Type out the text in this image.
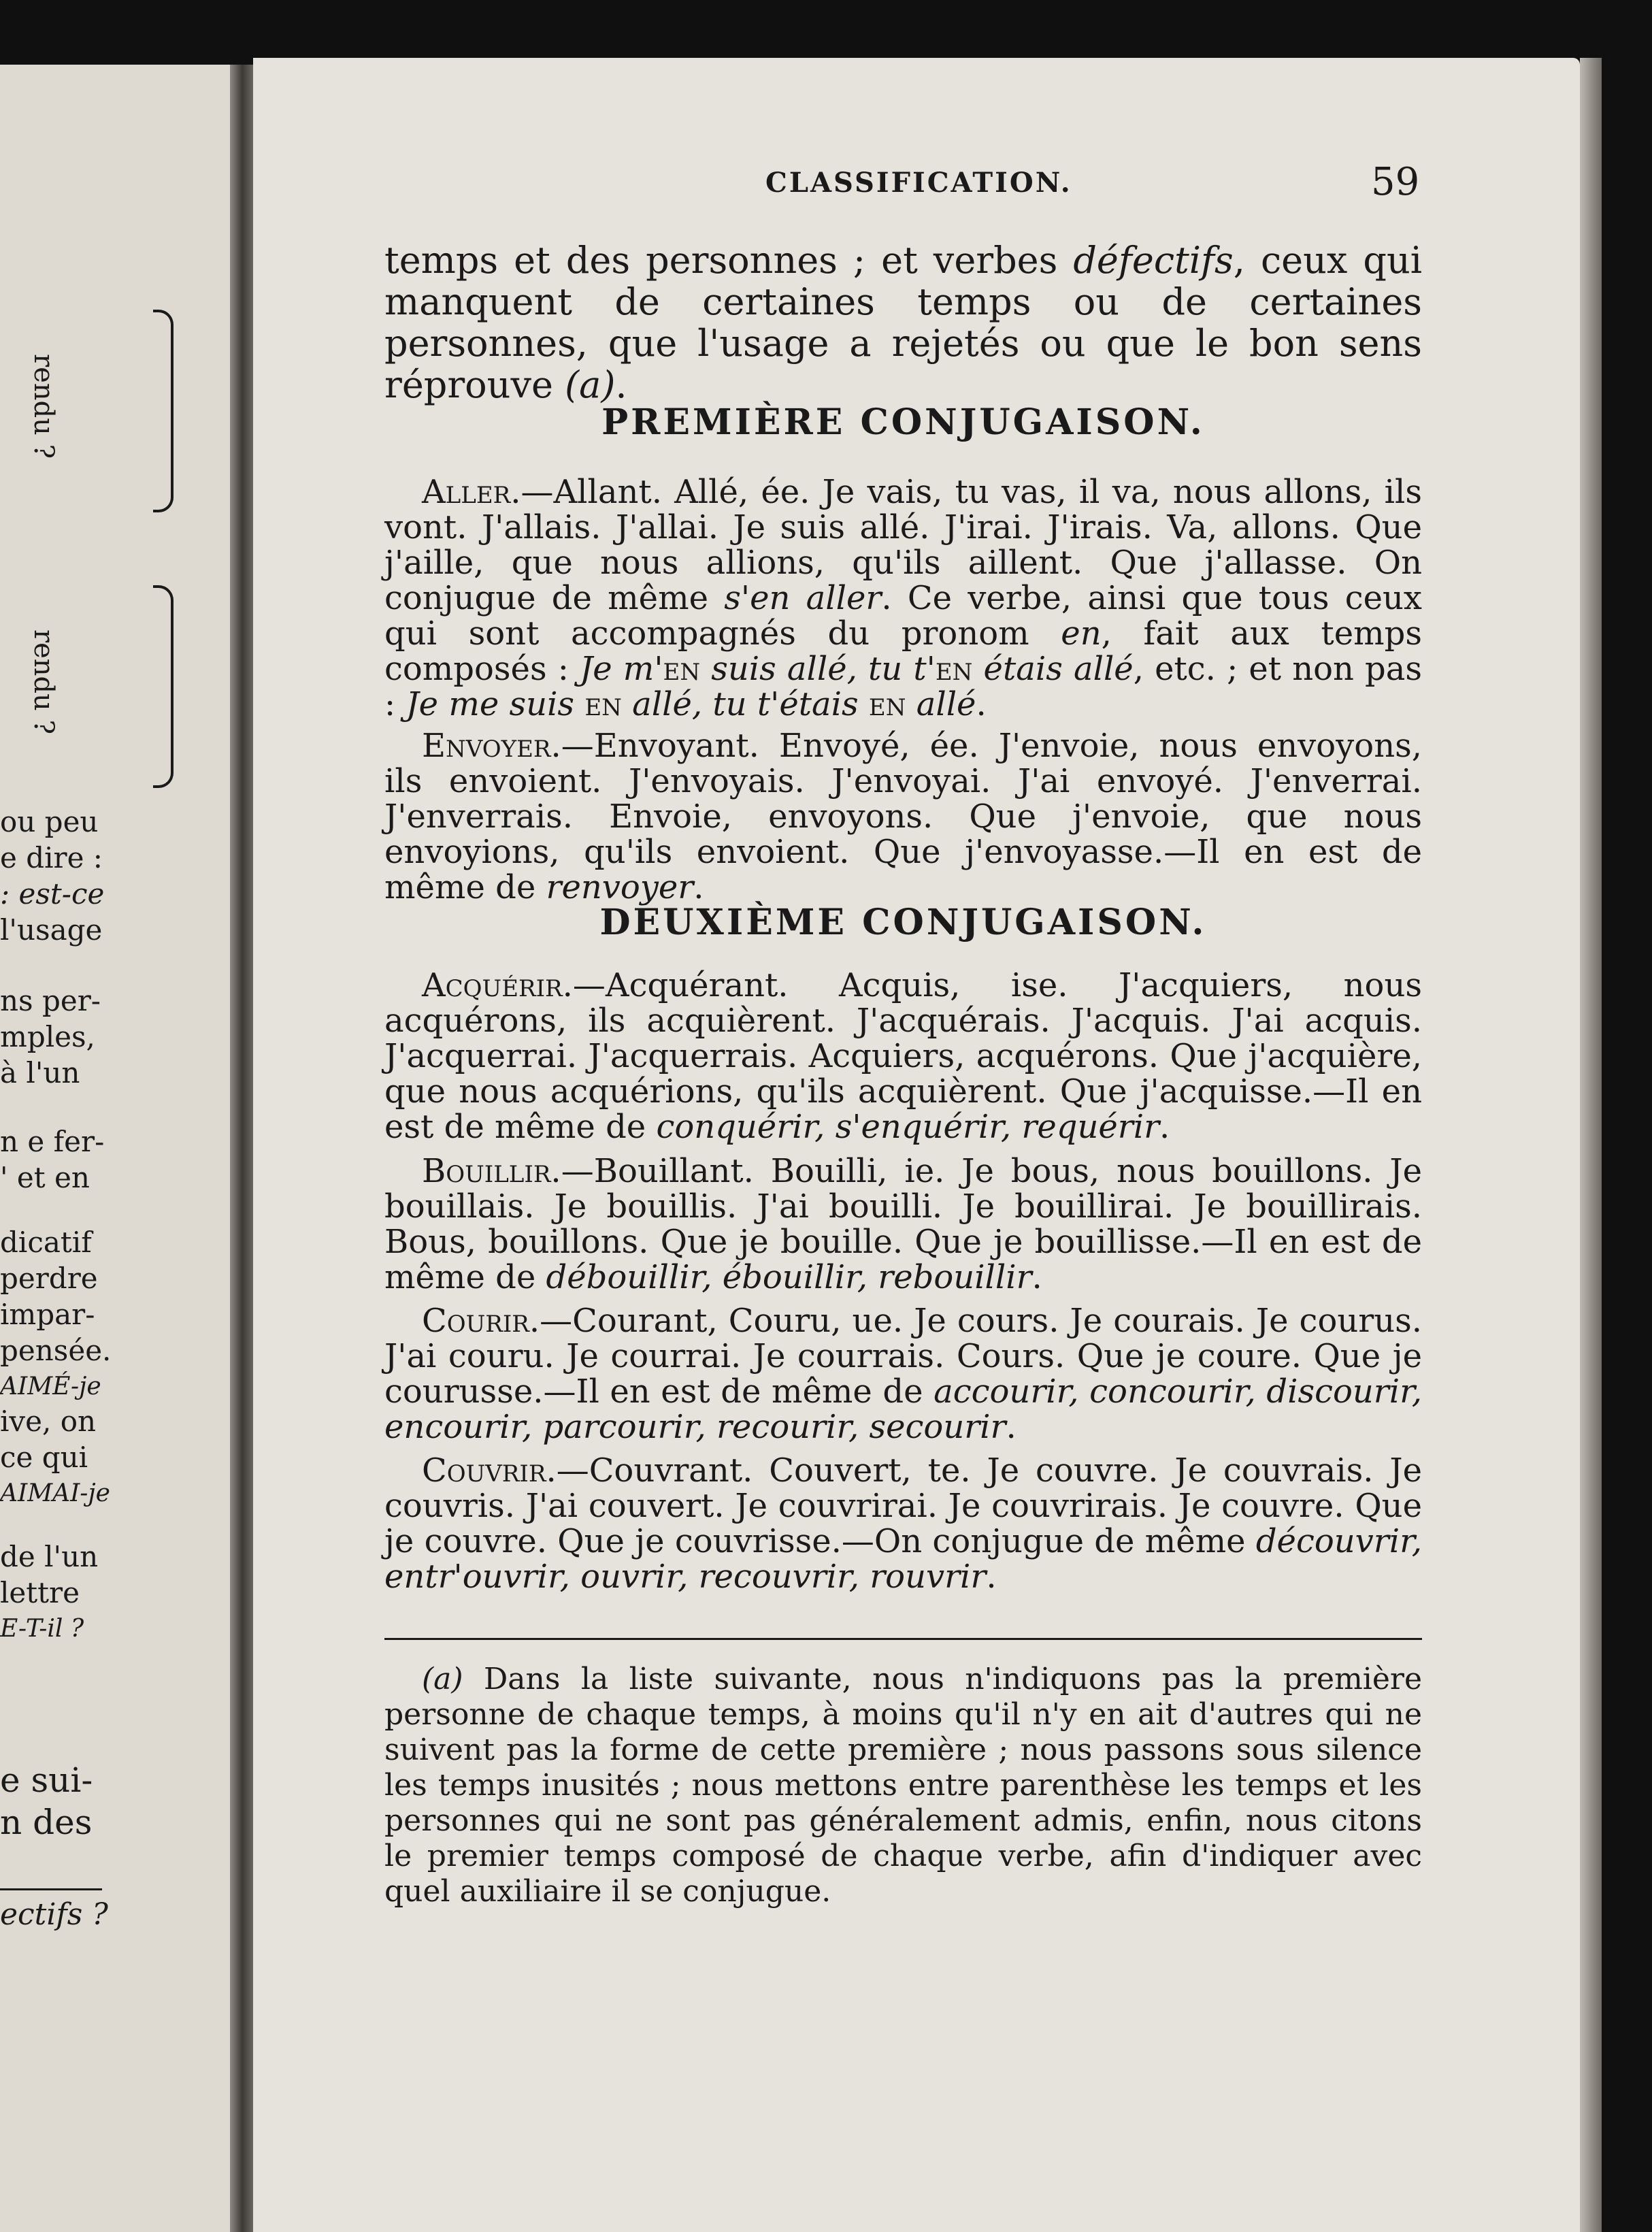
rendu ?
rendu ?
ou peu
e dire :
: est-ce
l'usage
ns per-
mples,
à l'un
n e fer-
' et en
dicatif
perdre
impar-
pensée.
AIMÉ-je
ive, on
ce qui
AIMAI-je
de l'un
lettre
E-T-il ?
e sui-
n des
ectifs ?
CLASSIFICATION.	59
temps et des personnes ; et verbes défectifs, ceux qui manquent de certaines temps ou de certaines personnes, que l'usage a rejetés ou que le bon sens réprouve (a).
PREMIÈRE CONJUGAISON.

Aller.—Allant. Allé, ée. Je vais, tu vas, il va, nous allons, ils vont. J'allais. J'allai. Je suis allé. J'irai. J'irais. Va, allons. Que j'aille, que nous allions, qu'ils aillent. Que j'allasse. On conjugue de même s'en aller. Ce verbe, ainsi que tous ceux qui sont accompagnés du pronom en, fait aux temps composés : Je m'en suis allé, tu t'en étais allé, etc. ; et non pas : Je me suis en allé, tu t'étais en allé.

Envoyer.—Envoyant. Envoyé, ée. J'envoie, nous envoyons, ils envoient. J'envoyais. J'envoyai. J'ai envoyé. J'enverrai. J'enverrais. Envoie, envoyons. Que j'envoie, que nous envoyions, qu'ils envoient. Que j'envoyasse.—Il en est de même de renvoyer.

DEUXIÈME CONJUGAISON.

Acquérir.—Acquérant. Acquis, ise. J'acquiers, nous acquérons, ils acquièrent. J'acquérais. J'acquis. J'ai acquis. J'acquerrai. J'acquerrais. Acquiers, acquérons. Que j'acquière, que nous acquérions, qu'ils acquièrent. Que j'acquisse.—Il en est de même de conquérir, s'enquérir, requérir.

Bouillir.—Bouillant. Bouilli, ie. Je bous, nous bouillons. Je bouillais. Je bouillis. J'ai bouilli. Je bouillirai. Je bouillirais. Bous, bouillons. Que je bouille. Que je bouillisse.—Il en est de même de débouillir, ébouillir, rebouillir.

Courir.—Courant, Couru, ue. Je cours. Je courais. Je courus. J'ai couru. Je courrai. Je courrais. Cours. Que je coure. Que je courusse.—Il en est de même de accourir, concourir, discourir, encourir, parcourir, recourir, secourir.

Couvrir.—Couvrant. Couvert, te. Je couvre. Je couvrais. Je couvris. J'ai couvert. Je couvrirai. Je couvrirais. Je couvre. Que je couvre. Que je couvrisse.—On conjugue de même découvrir, entr'ouvrir, ouvrir, recouvrir, rouvrir.

(a) Dans la liste suivante, nous n'indiquons pas la première personne de chaque temps, à moins qu'il n'y en ait d'autres qui ne suivent pas la forme de cette première ; nous passons sous silence les temps inusités ; nous mettons entre parenthèse les temps et les personnes qui ne sont pas généralement admis, enfin, nous citons le premier temps composé de chaque verbe, afin d'indiquer avec quel auxiliaire il se conjugue.
